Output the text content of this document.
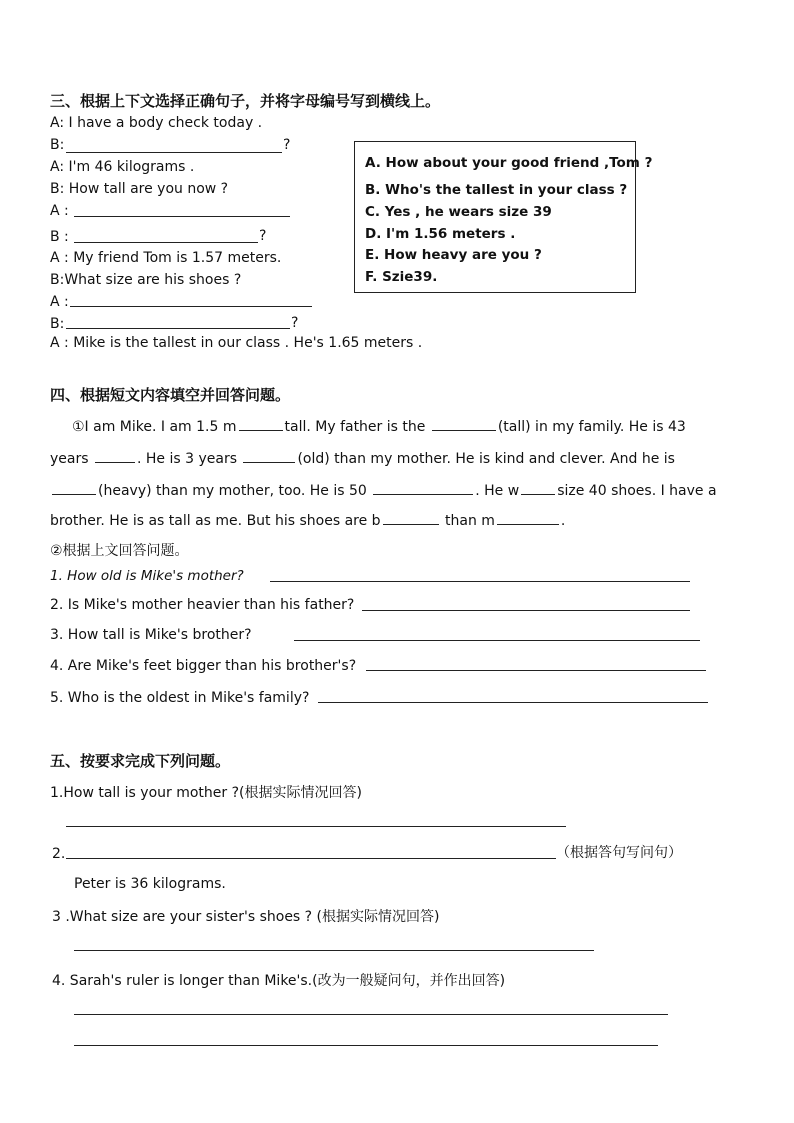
三、根据上下文选择正确句子，并将字母编号写到横线上。
A: I have a body check today .
B:	?
A: I'm 46 kilograms .
B: How tall are you now ?
A :
B :	?
A : My friend Tom is 1.57 meters.
B:What size are his shoes ?
A :
B:	?
A : Mike is the tallest in our class . He's 1.65 meters .
A. How about your good friend ,Tom ?
B. Who's the tallest in your class ?
C. Yes , he wears size 39
D. I'm 1.56 meters .
E. How heavy are you ?
F. Szie39.
四、根据短文内容填空并回答问题。
①I am Mike. I am 1.5 m	tall. My father is the	(tall) in my family. He is 43
years	. He is 3 years	(old) than my mother. He is kind and clever. And he is
(heavy) than my mother, too. He is 50	. He w	size 40 shoes. I have a
brother. He is as tall as me. But his shoes are b	than m	.
②根据上文回答问题。
1. How old is Mike's mother?
2. Is Mike's mother heavier than his father?
3. How tall is Mike's brother?
4. Are Mike's feet bigger than his brother's?
5. Who is the oldest in Mike's family?
五、按要求完成下列问题。
1.How tall is your mother ?(根据实际情况回答)
2.	（根据答句写问句）
Peter is 36 kilograms.
3 .What size are your sister's shoes ? (根据实际情况回答)
4. Sarah's ruler is longer than Mike's.(改为一般疑问句，并作出回答)
